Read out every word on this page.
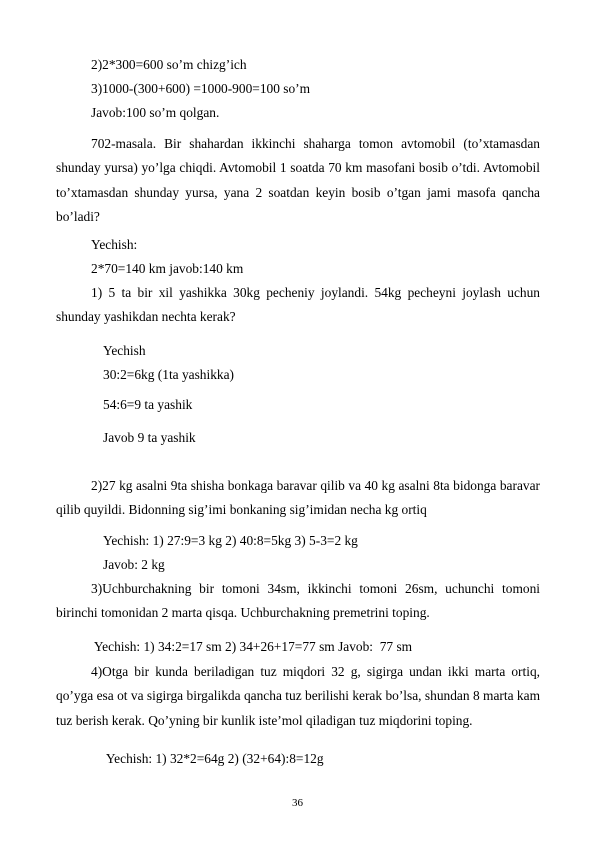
2)2*300=600 so’m chizg’ich
3)1000-(300+600) =1000-900=100 so’m
Javob:100 so’m qolgan.
702-masala. Bir shahardan ikkinchi shaharga tomon avtomobil (to’xtamasdan shunday yursa) yo’lga chiqdi. Avtomobil 1 soatda 70 km masofani bosib o’tdi. Avtomobil to’xtamasdan shunday yursa, yana 2 soatdan keyin bosib o’tgan jami masofa qancha bo’ladi?
Yechish:
2*70=140 km javob:140 km
1) 5 ta bir xil yashikka 30kg pecheniy joylandi. 54kg pecheyni joylash uchun shunday yashikdan nechta kerak?
Yechish
30:2=6kg (1ta yashikka)
54:6=9 ta yashik
Javob 9 ta yashik
2)27 kg asalni 9ta shisha bonkaga baravar qilib va 40 kg asalni 8ta bidonga baravar qilib quyildi. Bidonning sig’imi bonkaning sig’imidan necha kg ortiq
Yechish: 1) 27:9=3 kg 2) 40:8=5kg 3) 5-3=2 kg
Javob: 2 kg
3)Uchburchakning bir tomoni 34sm, ikkinchi tomoni 26sm, uchunchi tomoni birinchi tomonidan 2 marta qisqa. Uchburchakning premetrini toping.
Yechish: 1) 34:2=17 sm 2) 34+26+17=77 sm Javob:  77 sm
4)Otga bir kunda beriladigan tuz miqdori 32 g, sigirga undan ikki marta ortiq, qo’yga esa ot va sigirga birgalikda qancha tuz berilishi kerak bo’lsa, shundan 8 marta kam tuz berish kerak. Qo’yning bir kunlik iste’mol qiladigan tuz miqdorini toping.
Yechish: 1) 32*2=64g 2) (32+64):8=12g
36
